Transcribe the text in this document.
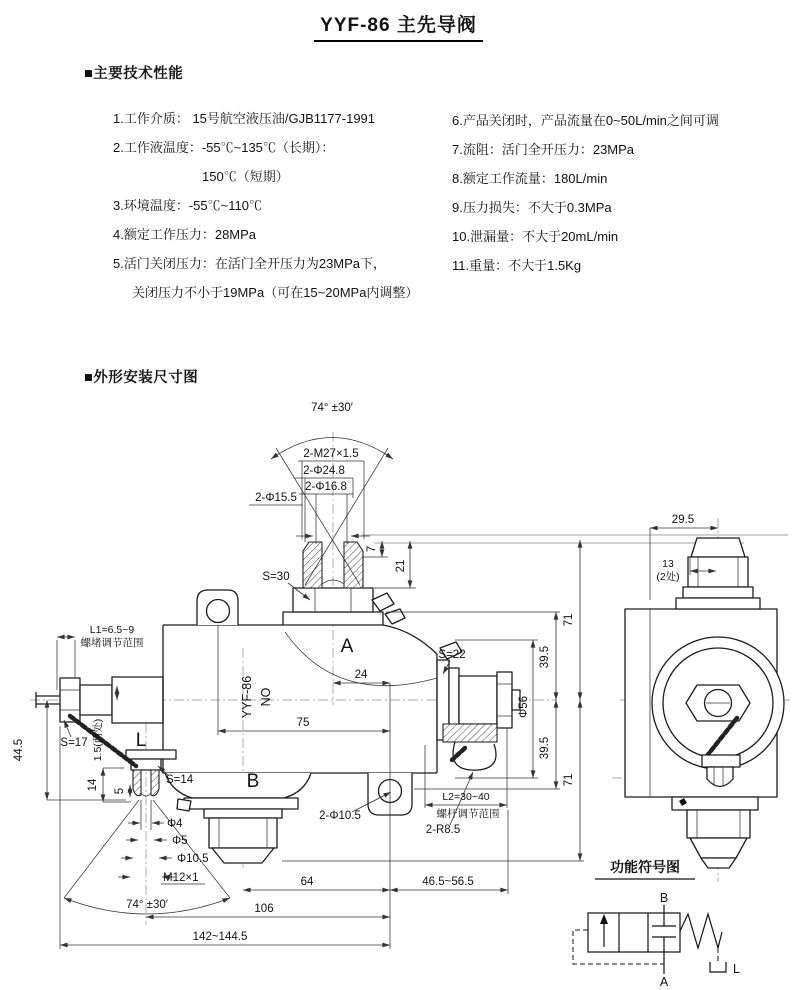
YYF-86 主先导阀
■主要技术性能
1.工作介质： 15号航空液压油/GJB1177-1991
2.工作液温度：-55℃~135℃（长期）：
150℃（短期）
3.环境温度：-55℃~110℃
4.额定工作压力：28MPa
5.活门关闭压力：在活门全开压力为23MPa下，
关闭压力不小于19MPa（可在15~20MPa内调整）
6.产品关闭时，产品流量在0~50L/min之间可调
7.流阻：活门全开压力：23MPa
8.额定工作流量：180L/min
9.压力损失：不大于0.3MPa
10.泄漏量：不大于20mL/min
11.重量：不大于1.5Kg
■外形安装尺寸图
74° ±30′
2-M27×1.5
2-Φ24.8
2-Φ16.8
2-Φ15.5
7
21
S=30
S=22
S=17
S=14
A
B
L
YYF-86 NO
24
75
L1=6.5~9
螺堵调节范围
1.5(两处)
44.5
14 5
74° ±30′
Φ4
Φ5
Φ10.5
M12×1
2-Φ10.5
2-R8.5
L2=30~40
螺杆调节范围
Φ56
39.5
39.5
71
71
64	46.5~56.5
106
142~144.5
29.5
13
(2处)
功能符号图
B
A
L
